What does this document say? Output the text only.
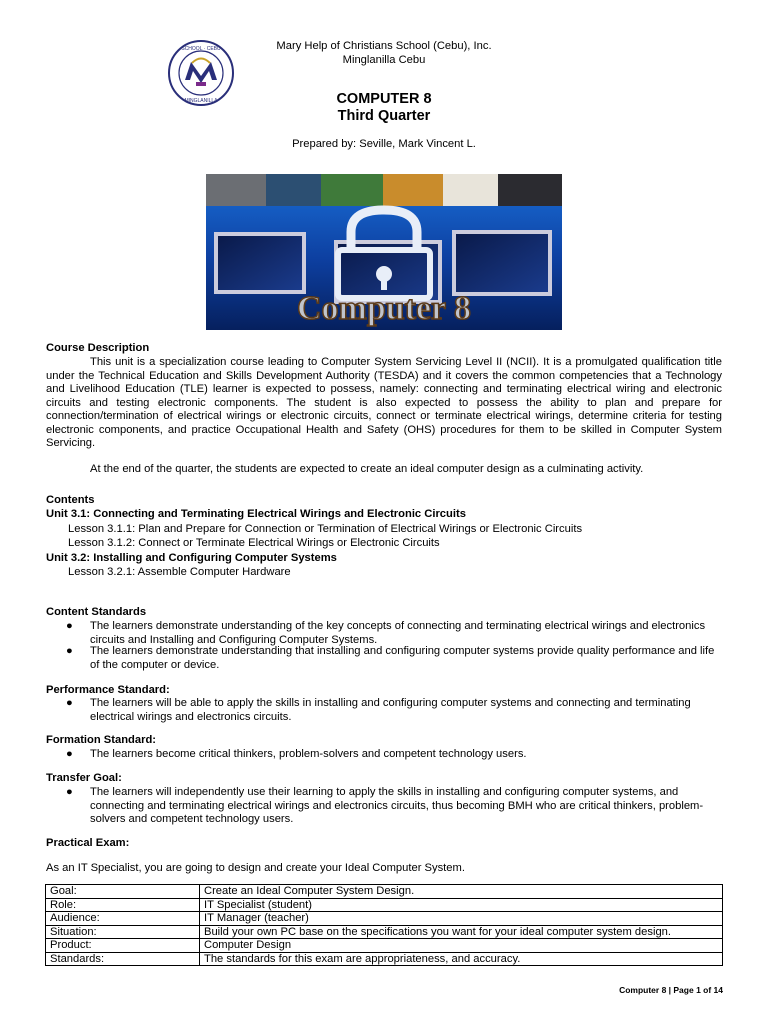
SCHOOL · CEBU
MINGLANILLA
Mary Help of Christians School (Cebu), Inc.
Minglanilla Cebu
COMPUTER 8
Third Quarter
Prepared by: Seville, Mark Vincent L.
Computer 8
Course Description
This unit is a specialization course leading to Computer System Servicing Level II (NCII). It is a promulgated qualification title under the Technical Education and Skills Development Authority (TESDA) and it covers the common competencies that a Technology and Livelihood Education (TLE) learner is expected to possess, namely: connecting and terminating electrical wiring and electronic circuits and testing electronic components. The student is also expected to possess the ability to plan and prepare for connection/termination of electrical wirings or electronic circuits, connect or terminate electrical wirings, determine criteria for testing electronic components, and practice Occupational Health and Safety (OHS) procedures for them to be skilled in Computer System Servicing.
At the end of the quarter, the students are expected to create an ideal computer design as a culminating activity.
Contents
Unit 3.1: Connecting and Terminating Electrical Wirings and Electronic Circuits
Lesson 3.1.1: Plan and Prepare for Connection or Termination of Electrical Wirings or Electronic Circuits
Lesson 3.1.2: Connect or Terminate Electrical Wirings or Electronic Circuits
Unit 3.2: Installing and Configuring Computer Systems
Lesson 3.2.1: Assemble Computer Hardware
Content Standards
● The learners demonstrate understanding of the key concepts of connecting and terminating electrical wirings and electronics circuits and Installing and Configuring Computer Systems.
● The learners demonstrate understanding that installing and configuring computer systems provide quality performance and life of the computer or device.
Performance Standard:
● The learners will be able to apply the skills in installing and configuring computer systems and connecting and terminating electrical wirings and electronics circuits.
Formation Standard:
● The learners become critical thinkers, problem-solvers and competent technology users.
Transfer Goal:
● The learners will independently use their learning to apply the skills in installing and configuring computer systems, and connecting and terminating electrical wirings and electronics circuits, thus becoming BMH who are critical thinkers, problem-solvers and competent technology users.
Practical Exam:
As an IT Specialist, you are going to design and create your Ideal Computer System.
Goal:	Create an Ideal Computer System Design.
Role:	IT Specialist (student)
Audience:	IT Manager (teacher)
Situation:	Build your own PC base on the specifications you want for your ideal computer system design.
Product:	Computer Design
Standards:	The standards for this exam are appropriateness, and accuracy.
Computer 8 | Page 1 of 14
